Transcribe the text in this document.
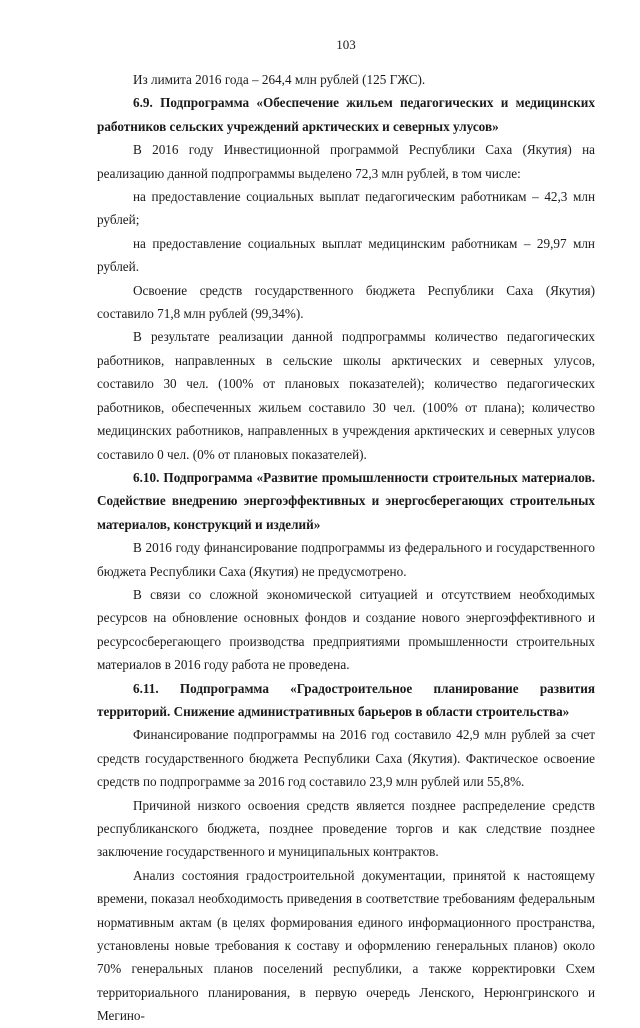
103

Из лимита 2016 года – 264,4 млн рублей (125 ГЖС).

6.9. Подпрограмма «Обеспечение жильем педагогических и медицинских работников сельских учреждений арктических и северных улусов»

В 2016 году Инвестиционной программой Республики Саха (Якутия) на реализацию данной подпрограммы выделено 72,3 млн рублей, в том числе:

на предоставление социальных выплат педагогическим работникам – 42,3 млн рублей;

на предоставление социальных выплат медицинским работникам – 29,97 млн рублей.

Освоение средств государственного бюджета Республики Саха (Якутия) составило 71,8 млн рублей (99,34%).

В результате реализации данной подпрограммы количество педагогических работников, направленных в сельские школы арктических и северных улусов, составило 30 чел. (100% от плановых показателей); количество педагогических работников, обеспеченных жильем составило 30 чел. (100% от плана); количество медицинских работников, направленных в учреждения арктических и северных улусов составило 0 чел. (0% от плановых показателей).

6.10. Подпрограмма «Развитие промышленности строительных материалов. Содействие внедрению энергоэффективных и энергосберегающих строительных материалов, конструкций и изделий»

В 2016 году финансирование подпрограммы из федерального и государственного бюджета Республики Саха (Якутия) не предусмотрено.

В связи со сложной экономической ситуацией и отсутствием необходимых ресурсов на обновление основных фондов и создание нового энергоэффективного и ресурсосберегающего производства предприятиями промышленности строительных материалов в 2016 году работа не проведена.

6.11. Подпрограмма «Градостроительное планирование развития территорий. Снижение административных барьеров в области строительства»

Финансирование подпрограммы на 2016 год составило 42,9 млн рублей за счет средств государственного бюджета Республики Саха (Якутия). Фактическое освоение средств по подпрограмме за 2016 год составило 23,9 млн рублей или 55,8%.

Причиной низкого освоения средств является позднее распределение средств республиканского бюджета, позднее проведение торгов и как следствие позднее заключение государственного и муниципальных контрактов.

Анализ состояния градостроительной документации, принятой к настоящему времени, показал необходимость приведения в соответствие требованиям федеральным нормативным актам (в целях формирования единого информационного пространства, установлены новые требования к составу и оформлению генеральных планов) около 70% генеральных планов поселений республики, а также корректировки Схем территориального планирования, в первую очередь Ленского, Нерюнгринского и Мегино-
